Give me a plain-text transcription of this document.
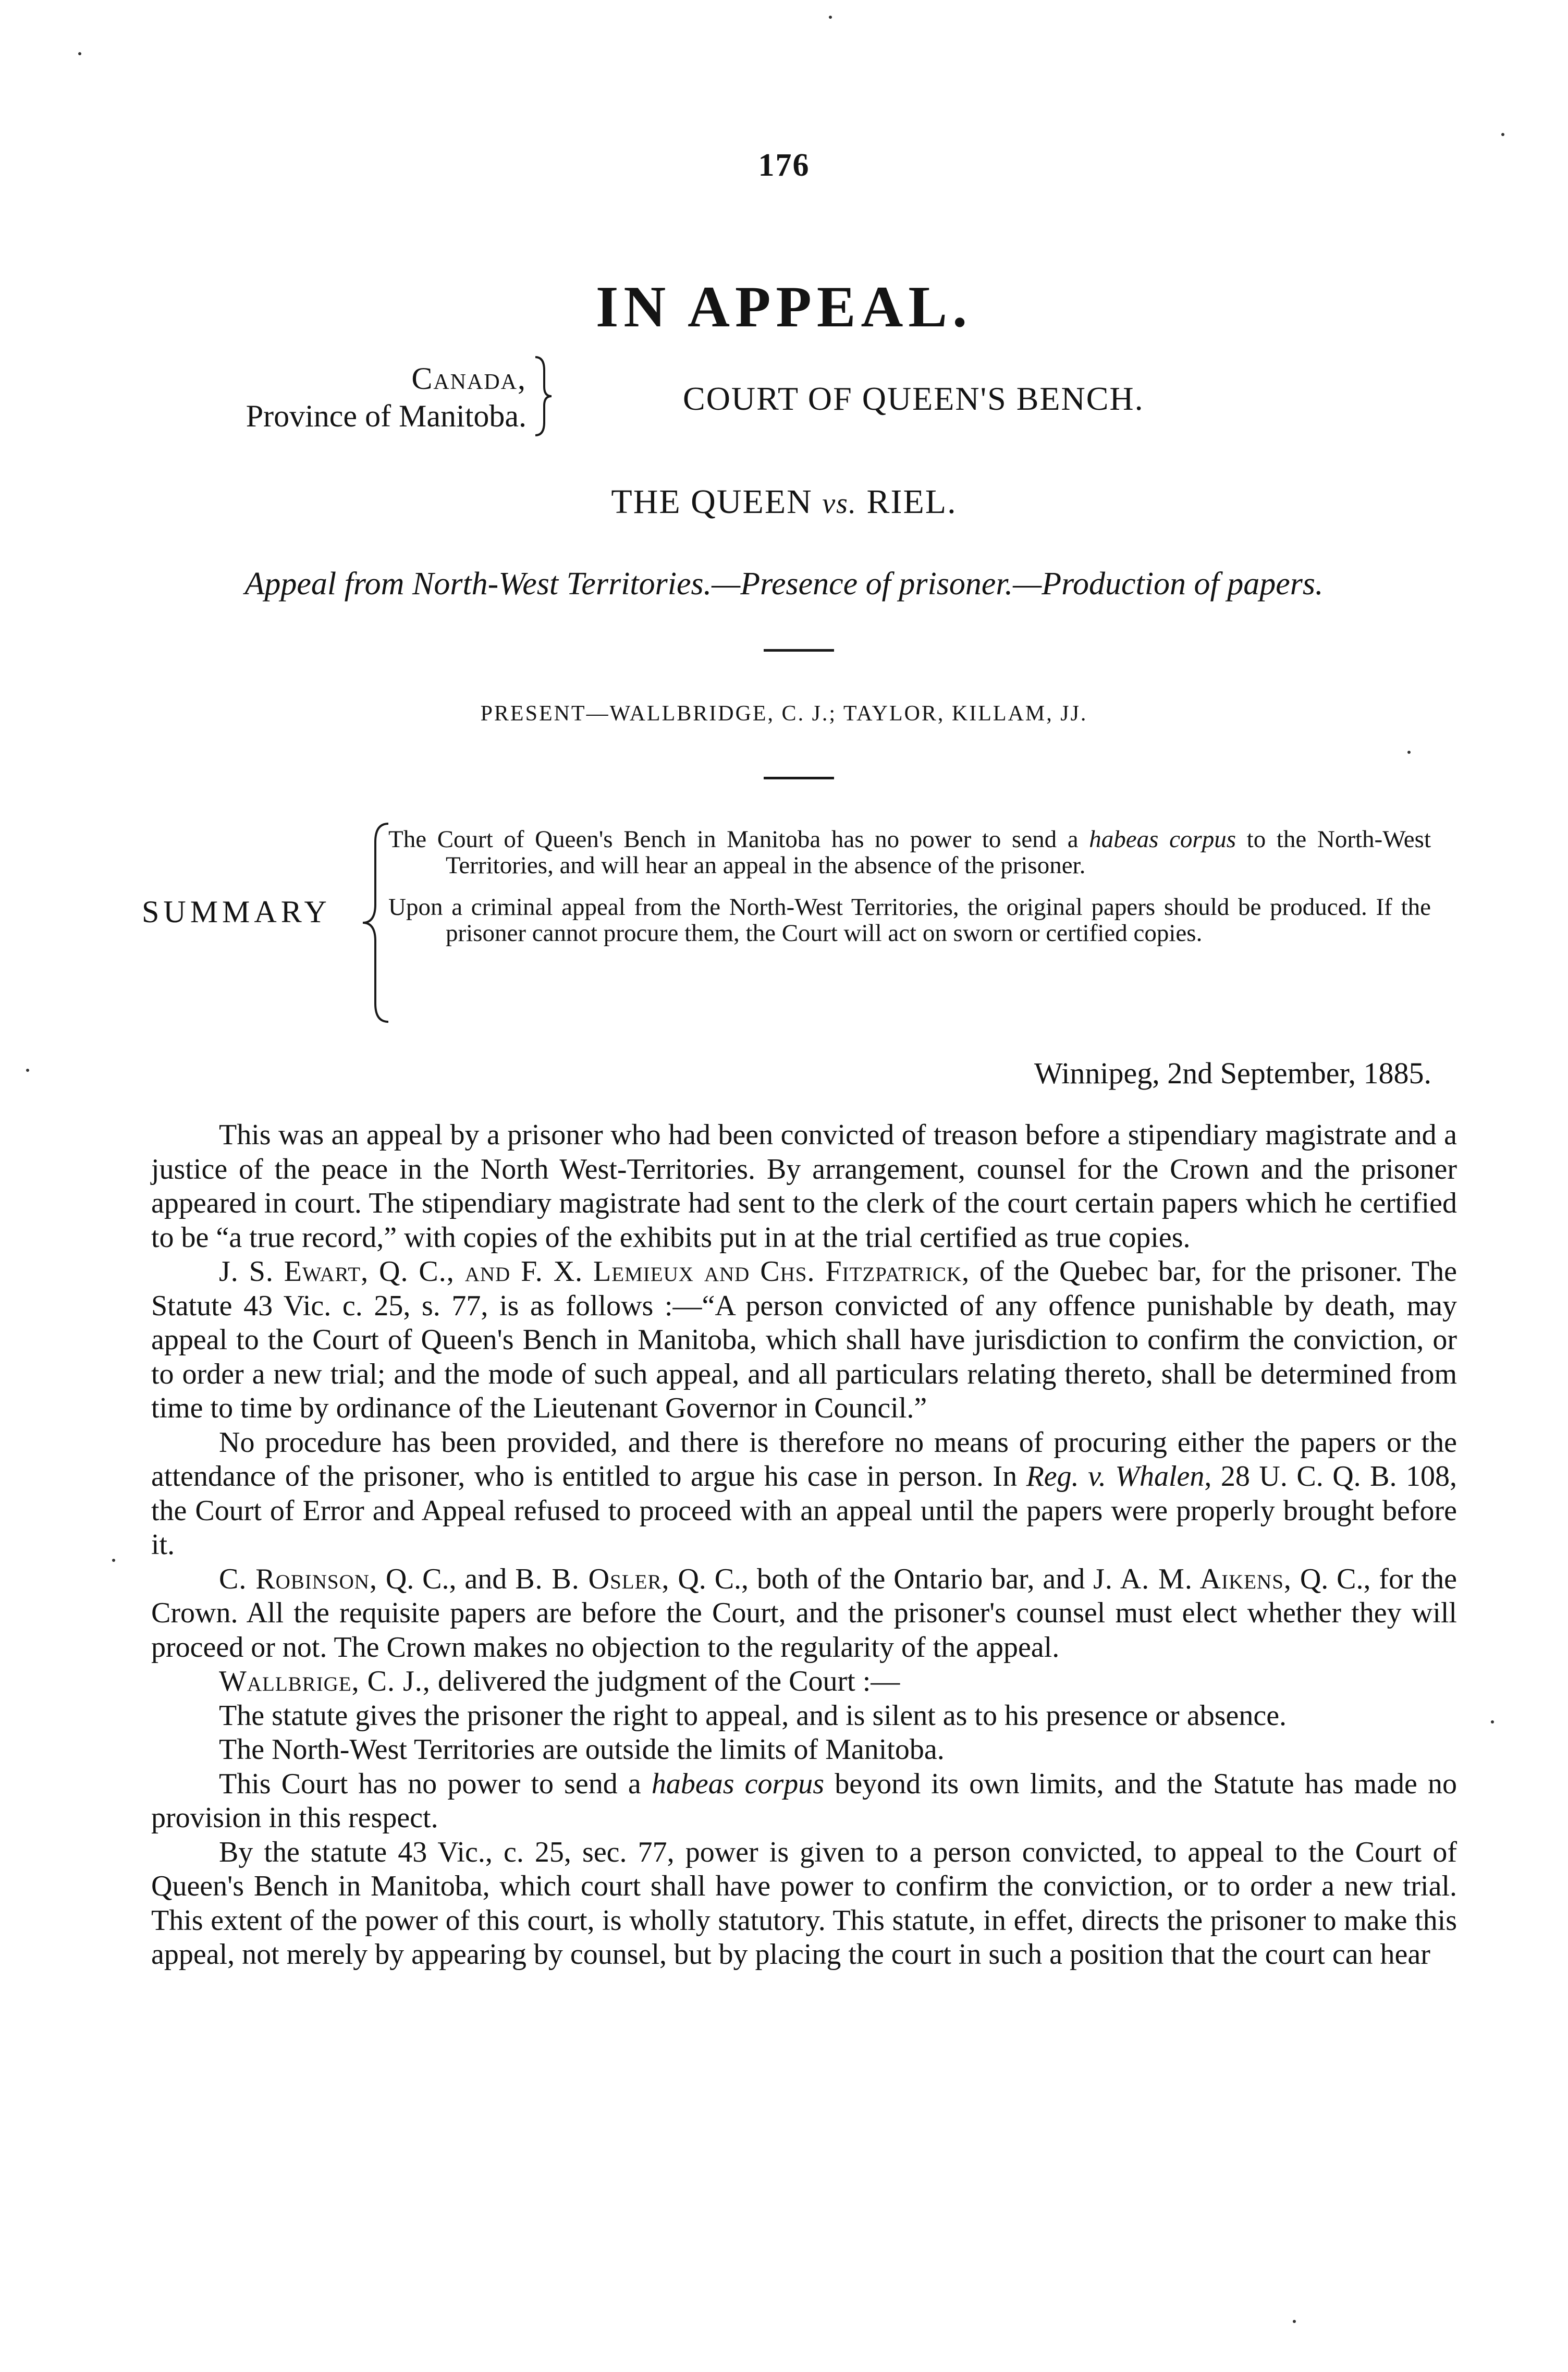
176
IN APPEAL.
Canada,
Province of Manitoba.	COURT OF QUEEN'S BENCH.
THE QUEEN vs. RIEL.
Appeal from North-West Territories.—Presence of prisoner.—Production of papers.
PRESENT—WALLBRIDGE, C. J.; TAYLOR, KILLAM, JJ.
SUMMARY

The Court of Queen's Bench in Manitoba has no power to send a habeas corpus to the North-West Territories, and will hear an appeal in the absence of the prisoner.

Upon a criminal appeal from the North-West Territories, the original papers should be produced. If the prisoner cannot procure them, the Court will act on sworn or certified copies.

Winnipeg, 2nd September, 1885.

This was an appeal by a prisoner who had been convicted of treason before a stipendiary magistrate and a justice of the peace in the North West-Territories. By arrangement, counsel for the Crown and the prisoner appeared in court. The stipendiary magistrate had sent to the clerk of the court certain papers which he certified to be “a true record,” with copies of the exhibits put in at the trial certified as true copies.

J. S. Ewart, Q. C., and F. X. Lemieux and Chs. Fitzpatrick, of the Quebec bar, for the prisoner. The Statute 43 Vic. c. 25, s. 77, is as follows :—“A person convicted of any offence punishable by death, may appeal to the Court of Queen's Bench in Manitoba, which shall have jurisdiction to confirm the conviction, or to order a new trial; and the mode of such appeal, and all particulars relating thereto, shall be determined from time to time by ordinance of the Lieutenant Governor in Council.”

No procedure has been provided, and there is therefore no means of procuring either the papers or the attendance of the prisoner, who is entitled to argue his case in person. In Reg. v. Whalen, 28 U. C. Q. B. 108, the Court of Error and Appeal refused to proceed with an appeal until the papers were properly brought before it.

C. Robinson, Q. C., and B. B. Osler, Q. C., both of the Ontario bar, and J. A. M. Aikens, Q. C., for the Crown. All the requisite papers are before the Court, and the prisoner's counsel must elect whether they will proceed or not. The Crown makes no objection to the regularity of the appeal.

Wallbrige, C. J., delivered the judgment of the Court :—

The statute gives the prisoner the right to appeal, and is silent as to his presence or absence.

The North-West Territories are outside the limits of Manitoba.

This Court has no power to send a habeas corpus beyond its own limits, and the Statute has made no provision in this respect.

By the statute 43 Vic., c. 25, sec. 77, power is given to a person convicted, to appeal to the Court of Queen's Bench in Manitoba, which court shall have power to confirm the conviction, or to order a new trial. This extent of the power of this court, is wholly statutory. This statute, in effet, directs the prisoner to make this appeal, not merely by appearing by counsel, but by placing the court in such a position that the court can hear
